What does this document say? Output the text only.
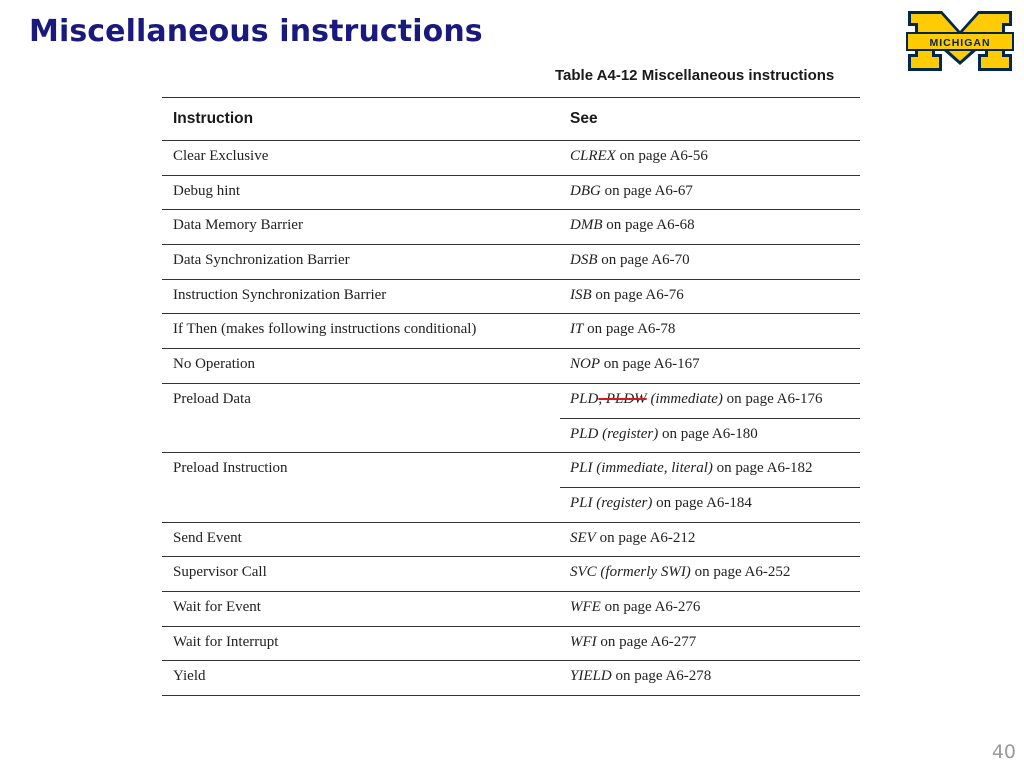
Miscellaneous instructions	MICHIGAN
Table A4-12 Miscellaneous instructions
Instruction	See
Clear Exclusive	CLREX on page A6-56
Debug hint	DBG on page A6-67
Data Memory Barrier	DMB on page A6-68
Data Synchronization Barrier	DSB on page A6-70
Instruction Synchronization Barrier	ISB on page A6-76
If Then (makes following instructions conditional)	IT on page A6-78
No Operation	NOP on page A6-167
Preload Data	PLD, PLDW (immediate) on page A6-176
	PLD (register) on page A6-180
Preload Instruction	PLI (immediate, literal) on page A6-182
	PLI (register) on page A6-184
Send Event	SEV on page A6-212
Supervisor Call	SVC (formerly SWI) on page A6-252
Wait for Event	WFE on page A6-276
Wait for Interrupt	WFI on page A6-277
Yield	YIELD on page A6-278
40
